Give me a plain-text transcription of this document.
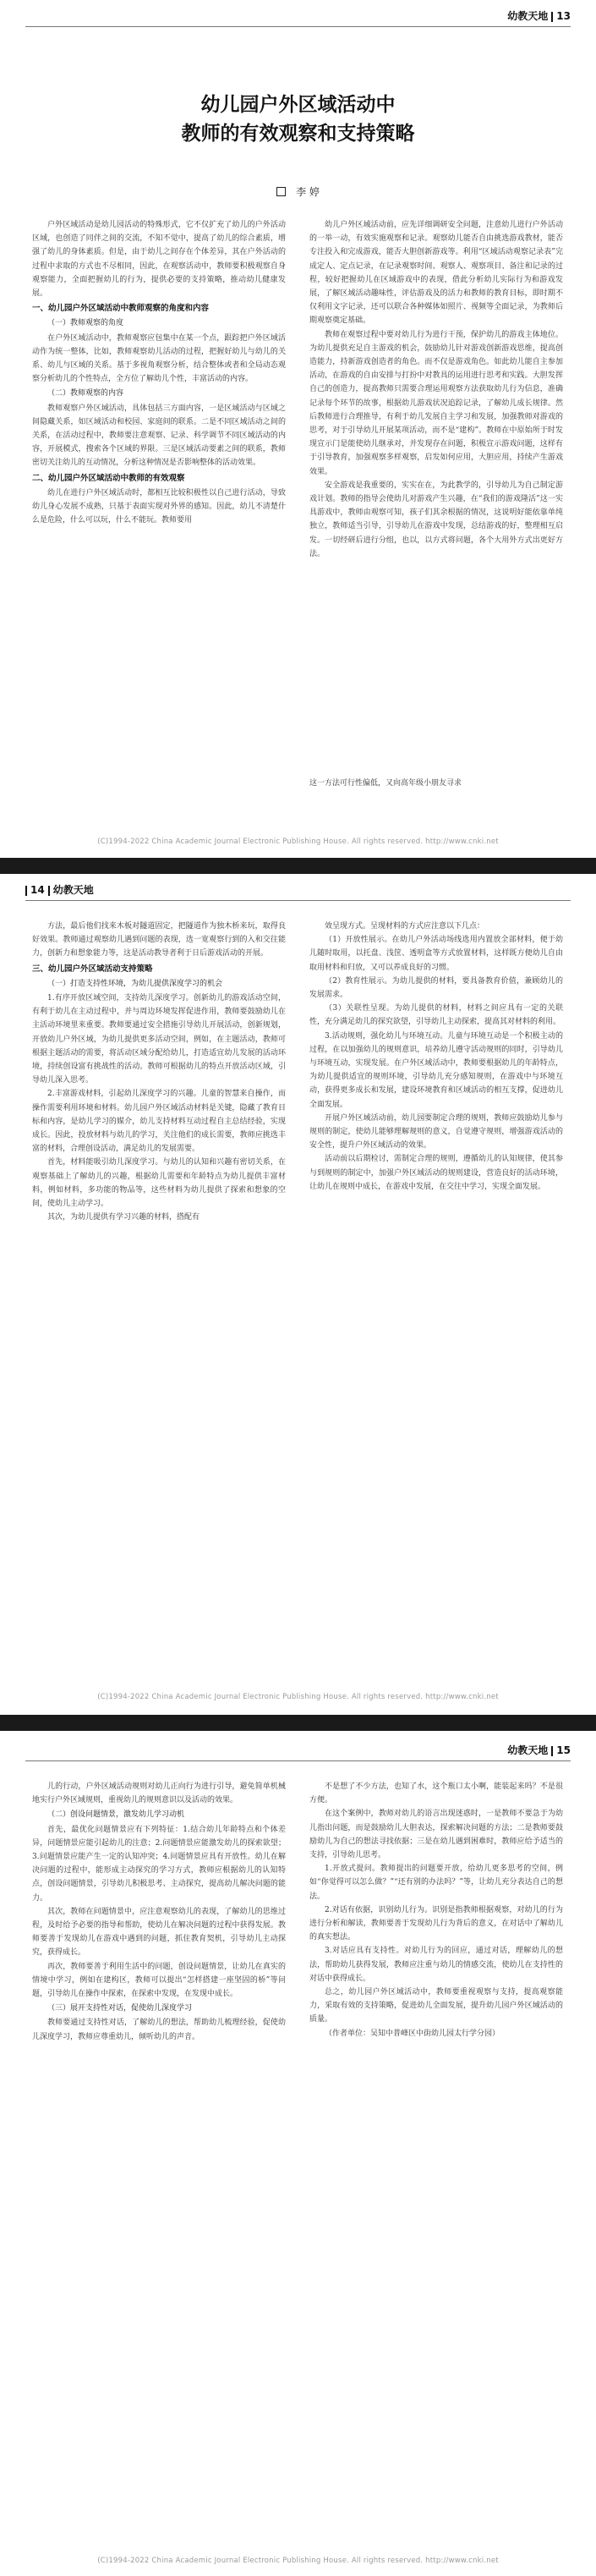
幼教天地 13
幼儿园户外区域活动中
教师的有效观察和支持策略
李 婷

户外区域活动是幼儿园活动的特殊形式，它不仅扩充了幼儿的户外活动区域，也创造了同伴之间的交流，不知不觉中，提高了幼儿的综合素质，增强了幼儿的身体素质。但是，由于幼儿之间存在个体差异，其在户外活动的过程中求取的方式也不尽相同，因此，在观察活动中，教师要积极观察自身观察能力，全面把握幼儿的行为，提供必要的支持策略，推动幼儿健康发展。

一、幼儿园户外区域活动中教师观察的角度和内容
（一）教师观察的角度

在户外区域活动中，教师观察应包集中在某一个点，跟踪把户外区域活动作为统一整体，比如，教师观察幼儿活动的过程，把握好幼儿与幼儿的关系、幼儿与区域的关系。基于多视角观察分析，结合整体或者和全局动态观察分析幼儿的个性特点，全方位了解幼儿个性，丰富活动的内容。

（二）教师观察的内容

教师观察户外区域活动，具体包括三方面内容，一是区域活动与区域之间隐藏关系，如区域活动和校园、家庭间的联系。二是不同区域活动之间的关系，在活动过程中，教师要注意观察、记录、科学调节不同区域活动的内容，开展模式，搜索各个区域的界限。三是区域活动要素之间的联系，教师密切关注幼儿的互动情况，分析这种情况是否影响整体的活动效果。

二、幼儿园户外区域活动中教师的有效观察

幼儿在进行户外区域活动时，都相互比较积极性以自己进行活动，导致幼儿身心发展不成熟，只基于表面实现对外界的感知。因此，幼儿不清楚什么是危险，什么可以玩，什么不能玩。教师要用

幼儿户外区域活动前，应先详细调研安全问题，注意幼儿进行户外活动的一举一动，有效实施观察和记录。观察幼儿能否自由挑选游戏教材，能否专注投入和完成游戏，能否大胆创新游戏等。利用“区域活动观察记录表”完成定人、定点记录，在记录观察时间、观察人、观察项目、备注和记录的过程，较好把握幼儿在区域游戏中的表现，借此分析幼儿实际行为和游戏发展，了解区域活动趣味性，评估游戏及的活力和教师的教育目标，即时期不仅利用文字记录，还可以联合各种媒体如照片、视频等全面记录，为教师后期观察奠定基础。

教师在观察过程中要对幼儿行为进行干预，保护幼儿的游戏主体地位。为幼儿提供充足自主游戏的机会，鼓励幼儿针对游戏创新游戏思维，提高创造能力，持新游戏创造者的角色。而不仅是游戏角色。如此幼儿能自主参加活动，在游戏的自由安排与打扮中对教具的运用进行思考和实践。大胆发挥自己的创造力，提高教师只需要合理运用观察方法获取幼儿行为信息，准确记录每个环节的故事，根据幼儿游戏状况追踪记录，了解幼儿成长规律。然后教师进行合理推导，有利于幼儿发展自主学习和发展，加强教师对游戏的思考，对于引导幼儿开展某项活动，而不是“建构”。教师在中原始所于时发现宣示门是能使幼儿继承对，并发现存在问题，积极宣示游戏问题，这样有于引导教育，加强观察多样观察，启发如何应用，大胆应用，持续产生游戏效果。

安全游戏是我重要的，实实在在，为此教学的，引导幼儿为自己制定游戏计划。教师的指导会使幼儿对游戏产生兴趣，在“我们的游戏隆活”这一实具游戏中，教师由观察可知，孩子们其余根据的情况，这说明好能依靠单纯独立，教师适当引导，引导幼儿在游戏中发现，总结游戏的好，整理相互启发。一切经研后进行分组，也以，以方式将问题，各个大用外方式出更好方法。

这一方法可行性偏低，又向高年级小朋友寻求

(C)1994-2022 China Academic Journal Electronic Publishing House. All rights reserved. http://www.cnki.net
14 幼教天地

方法，最后他们找来木板对隧道固定，把隧道作为独木桥来玩，取得良好效果。教师通过观察幼儿遇到问题的表现，选一宽观察行到的入和交往能力，创新力和想象能力等，这是活动教导者利于日后游戏活动的开展。

三、幼儿园户外区域活动支持策略
（一）打造支持性环境，为幼儿提供深度学习的机会

1.有序开放区域空间，支持幼儿深度学习。创新幼儿的游戏活动空间，有利于幼儿在主动过程中，并与周边环境发挥促进作用，教师要鼓励幼儿在主活动环境里来重要。教师要通过安全措施引导幼儿开展活动，创新规划，开放幼儿户外区域，为幼儿提供更多活动空间，例如，在主题活动，教师可根据主题活动的需要，将活动区域分配给幼儿，打造适宜幼儿发展的活动环境，持续创设富有挑战性的活动。教师可根据幼儿的特点开放活动区域，引导幼儿深入思考。

2.丰富游戏材料，引起幼儿深度学习的兴趣。儿童的智慧来自操作，而操作需要利用环境和材料。幼儿园户外区域活动材料是关键，隐藏了教育目标和内容，是幼儿学习的媒介，幼儿支持材料互动过程自主总结经验，实现成长。因此，投放材料与幼儿的学习，关注他们的成长需要，教师应挑选丰富的材料，合理创设活动，满足幼儿的发展需要。

首先，材料能吸引幼儿深度学习。与幼儿的认知和兴趣有密切关系，在观察基础上了解幼儿的兴趣，根据幼儿需要和年龄特点为幼儿提供丰富材料，例如材料，多功能的物品等，这些材料为幼儿提供了探索和想象的空间，使幼儿主动学习。

其次，为幼儿提供有学习兴趣的材料，搭配有

效呈现方式。呈现材料的方式应注意以下几点：

（1）开放性展示。在幼儿户外活动场线选用内置放全部材料，便于幼儿随时取用，以托盘、浅筐、透明盒等方式放置材料，这样既方便幼儿自由取用材料和归放，又可以养成良好的习惯。

（2）教育性展示。为幼儿提供的材料，要具备教育价值，兼顾幼儿的发展需求。

（3）关联性呈现。为幼儿提供的材料，材料之间应具有一定的关联性，充分满足幼儿的探究欲望，引导幼儿主动探索，提高其对材料的利用。

3.活动规则，强化幼儿与环境互动。儿童与环境互动是一个积极主动的过程，在以加强幼儿的规则意识，培养幼儿遵守活动规则的同时，引导幼儿与环境互动，实现发展。在户外区域活动中，教师要根据幼儿的年龄特点，为幼儿提供适宜的规则环境，引导幼儿充分感知规则，在游戏中与环境互动，获得更多成长和发展，建设环境教育和区域活动的相互支撑，促进幼儿全面发展。

开展户外区域活动前，幼儿园要制定合理的规则，教师应鼓励幼儿参与规则的制定，使幼儿能够理解规则的意义，自觉遵守规则，增强游戏活动的安全性，提升户外区域活动的效果。

活动前以后期检讨，需制定合理的规则，遵循幼儿的认知规律，使其参与到规则的制定中，加强户外区域活动的规则建设，营造良好的活动环境，让幼儿在规则中成长，在游戏中发展，在交往中学习，实现全面发展。

(C)1994-2022 China Academic Journal Electronic Publishing House. All rights reserved. http://www.cnki.net
幼教天地 15

儿的行动，户外区域活动规则对幼儿正向行为进行引导，避免简单机械地实行户外区域规则，重视幼儿的规则意识以及活动的效果。

（二）创设问题情景，激发幼儿学习动机

首先，最优化问题情景应有下列特征：1.结合幼儿年龄特点和个体差异，问题情景应能引起幼儿的注意；2.问题情景应能激发幼儿的探索欲望；3.问题情景应能产生一定的认知冲突；4.问题情景应具有开放性。幼儿在解决问题的过程中，能形成主动探究的学习方式，教师应根据幼儿的认知特点，创设问题情景，引导幼儿积极思考、主动探究，提高幼儿解决问题的能力。

其次，教师在问题情景中，应注意观察幼儿的表现，了解幼儿的思维过程，及时给予必要的指导和帮助，使幼儿在解决问题的过程中获得发展。教师要善于发现幼儿在游戏中遇到的问题，抓住教育契机，引导幼儿主动探究，获得成长。

再次，教师要善于利用生活中的问题，创设问题情景，让幼儿在真实的情境中学习，例如在建构区，教师可以提出“怎样搭建一座坚固的桥”等问题，引导幼儿在操作中探索，在探索中发现，在发现中成长。

（三）展开支持性对话，促使幼儿深度学习

教师要通过支持性对话，了解幼儿的想法，帮助幼儿梳理经验，促使幼儿深度学习，教师应尊重幼儿，倾听幼儿的声音。

不是想了不少方法，也知了水，这个瓶口太小啊，能装起来吗？不是很方便。

在这个案例中，教师对幼儿的语言出现迷惑时，一是教师不要急于为幼儿指出问题，而是鼓励幼儿大胆表达，探索解决问题的方法；二是教师要鼓励幼儿为自己的想法寻找依据；三是在幼儿遇到困难时，教师应给予适当的支持，引导幼儿思考。

1.开放式提问。教师提出的问题要开放，给幼儿更多思考的空间，例如“你觉得可以怎么做？”“还有别的办法吗？”等，让幼儿充分表达自己的想法。

2.对话有依据，识别幼儿行为。识别是指教师根据观察，对幼儿的行为进行分析和解读，教师要善于发现幼儿行为背后的意义，在对话中了解幼儿的真实想法。

3.对话应具有支持性。对幼儿行为的回应，通过对话，理解幼儿的想法，帮助幼儿获得发展，教师应注重与幼儿的情感交流，使幼儿在支持性的对话中获得成长。

总之，幼儿园户外区域活动中，教师要重视观察与支持，提高观察能力，采取有效的支持策略，促进幼儿全面发展，提升幼儿园户外区域活动的质量。

（作者单位：吴知中普峰区中街幼儿园太行学分园）

(C)1994-2022 China Academic Journal Electronic Publishing House. All rights reserved. http://www.cnki.net
